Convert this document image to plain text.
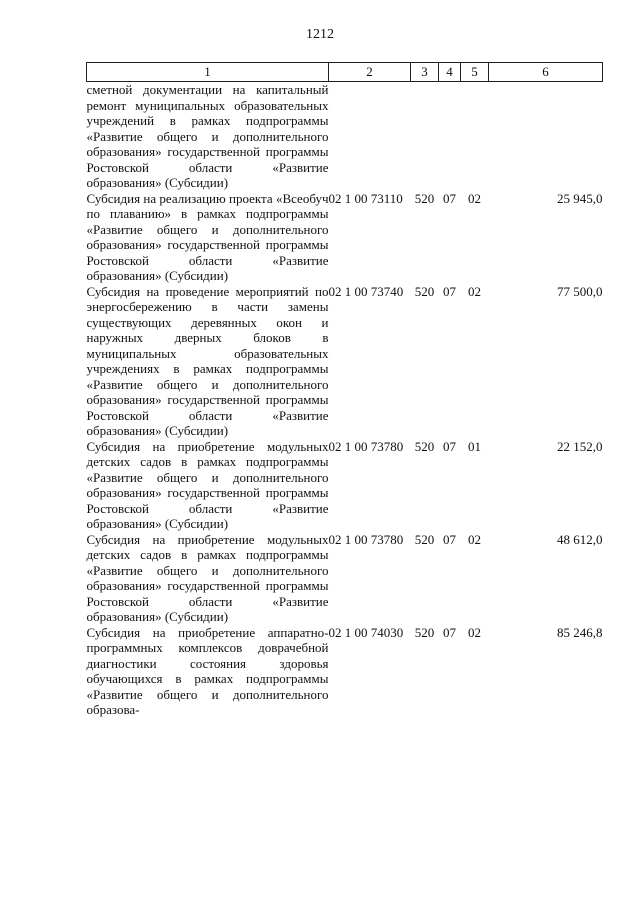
1212
1	2	3	4	5	6

сметной документации на капитальный ремонт муниципальных образовательных учреждений в рамках подпрограммы «Развитие общего и дополнительного образования» государственной программы Ростовской области «Развитие образования» (Субсидии)					

Субсидия на реализацию проекта «Всеобуч по плаванию» в рамках подпрограммы «Развитие общего и дополнительного образования» государственной программы Ростовской области «Развитие образования» (Субсидии)	02 1 00 73110	520	07	02	25 945,0

Субсидия на проведение мероприятий по энергосбережению в части замены существующих деревянных окон и наружных дверных блоков в муниципальных образовательных учреждениях в рамках подпрограммы «Развитие общего и дополнительного образования» государственной программы Ростовской области «Развитие образования» (Субсидии)	02 1 00 73740	520	07	02	77 500,0

Субсидия на приобретение модульных детских садов в рамках подпрограммы «Развитие общего и дополнительного образования» государственной программы Ростовской области «Развитие образования» (Субсидии)	02 1 00 73780	520	07	01	22 152,0

Субсидия на приобретение модульных детских садов в рамках подпрограммы «Развитие общего и дополнительного образования» государственной программы Ростовской области «Развитие образования» (Субсидии)	02 1 00 73780	520	07	02	48 612,0

Субсидия на приобретение аппаратно-программных комплексов доврачебной диагностики состояния здоровья обучающихся в рамках подпрограммы «Развитие общего и дополнительного образова-	02 1 00 74030	520	07	02	85 246,8
